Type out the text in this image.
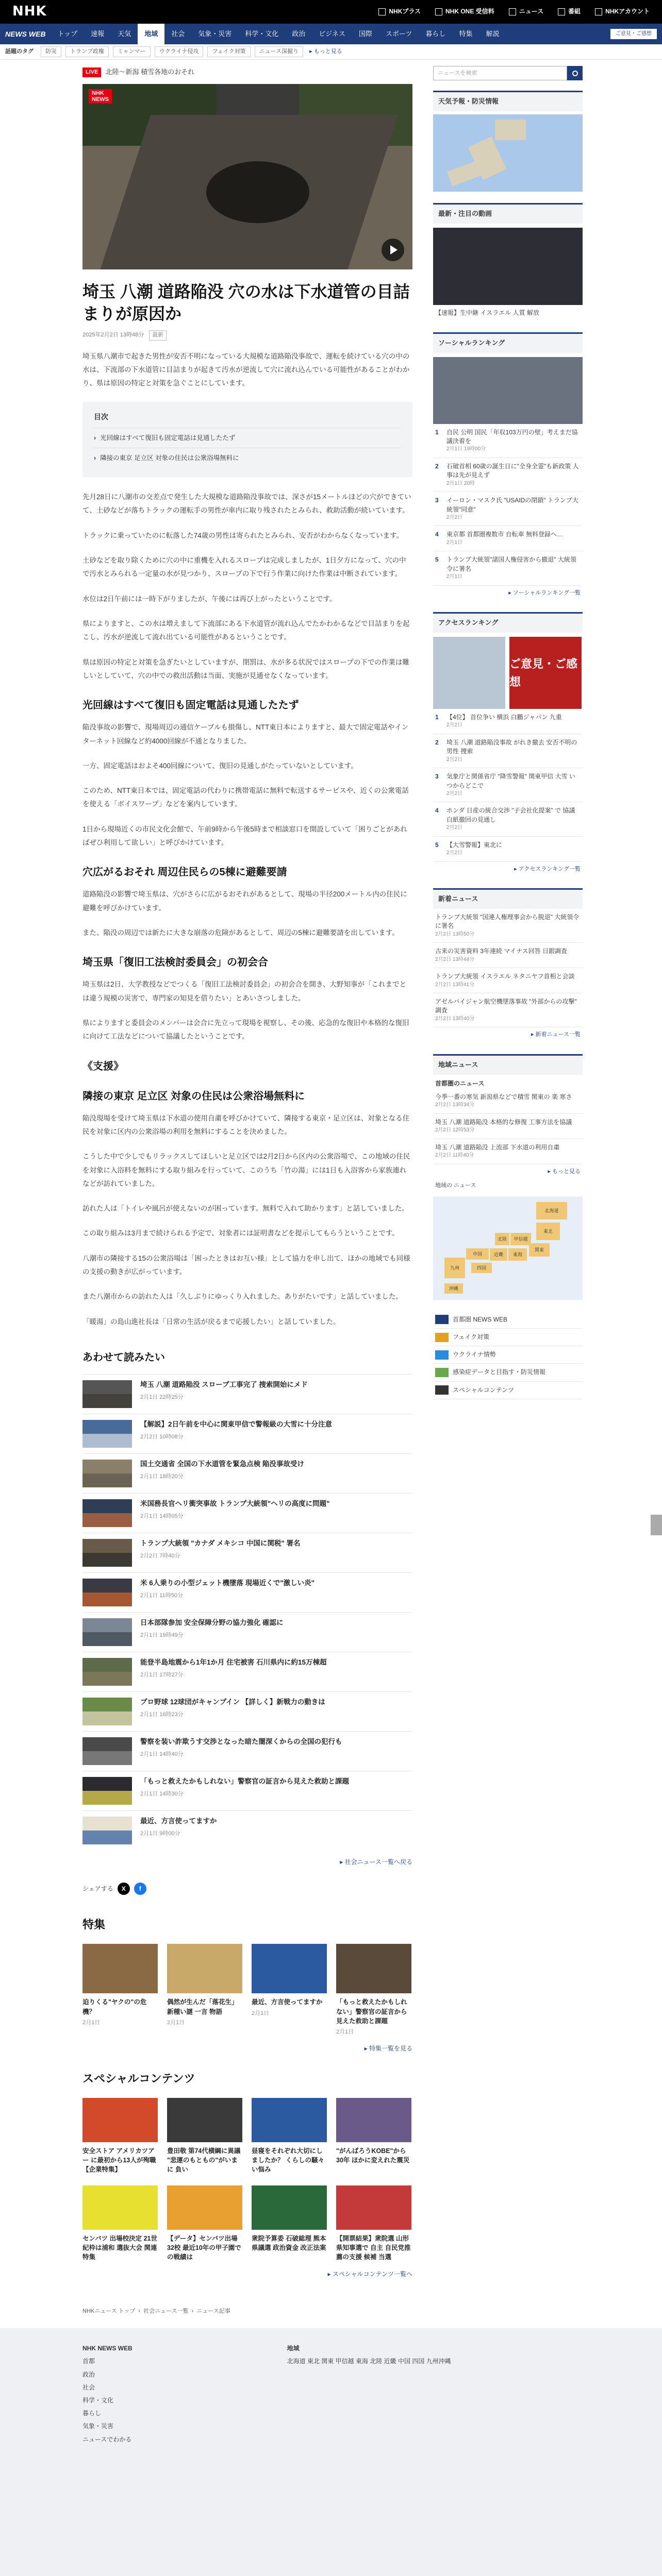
NHK	NHKプラス	NHK ONE 受信料	ニュース	番組	NHKアカウント
NEWS WEB	トップ	速報	天気	地域	社会	気象・災害	科学・文化	政治	ビジネス	国際	スポーツ	暮らし	特集	解説	ご意見・ご感想
話題のタグ	防災	トランプ政権	ミャンマー	ウクライナ侵攻	フェイク対策	ニュース深掘り	▸ もっと見る
LIVE	北陸〜新潟 積雪各地のおそれ
NHK
NEWS
埼玉 八潮 道路陥没 穴の水は下水道管の目詰まりが原因か
2025年2月2日 13時48分	最新

埼玉県八潮市で起きた男性が安否不明になっている大規模な道路陥没事故で、運転を続けている穴の中の水は、下流部の下水道管に目詰まりが起きて汚水が逆流して穴に流れ込んでいる可能性があることがわかり、県は原因の特定と対策を急ぐことにしています。

目次
› 光回線はすべて復旧も固定電話は見通したたず
› 隣接の東京 足立区 対象の住民は公衆浴場無料に

先月28日に八潮市の交差点で発生した大規模な道路陥没事故では、深さが15メートルほどの穴ができていて、土砂などが落ちトラックの運転手の男性が車内に取り残されたとみられ、救助活動が続いています。

トラックに乗っていたのに転落した74歳の男性は寄られたとみられ、安否がわからなくなっています。

土砂などを取り除くために穴の中に重機を入れるスロープは完成しましたが、1日夕方になって、穴の中で汚水とみられる一定量の水が見つかり、スロープの下で行う作業に向けた作業は中断されています。

水位は2日午前には一時下がりましたが、午後には再び上がったということです。

県によりますと、この水は増えまして下流部にある下水道管が流れ込んでたかわかるなどで目詰まりを起こし、汚水が逆流して流れ出ている可能性があるということです。

県は原因の特定と対策を急ぎたいとしていますが、閉罰は、水が多る状況ではスロープの下での作業は難しいとしていて、穴の中での救出活動は当面、実施が見通せなくなっています。

光回線はすべて復旧も固定電話は見通したたず

陥没事故の影響で、現場周辺の通信ケーブルも損傷し、NTT東日本によりますと、最大で固定電話やインターネット回線など約4000回線が不通となりました。

一方、固定電話はおよそ400回線について、復旧の見通しがたっていないとしています。

このため、NTT東日本では、固定電話の代わりに携帯電話に無料で転送するサービスや、近くの公衆電話を使える「ボイスワープ」などを案内しています。

1日から現場近くの市民文化会館で、午前9時から午後5時まで相談窓口を開設していて「困りごとがあればぜひ利用して欲しい」と呼びかけています。

穴広がるおそれ 周辺住民らの5棟に避難要請

道路陥没の影響で埼玉県は、穴がさらに広がるおそれがあるとして、現場の半径200メートル内の住民に避難を呼びかけています。

また、陥没の周辺では新たに大きな崩落の危険があるとして、周辺の5棟に避難要請を出しています。

埼玉県「復旧工法検討委員会」の初会合

埼玉県は2日、大学教授などでつくる「復旧工法検討委員会」の初会合を開き、大野知事が「これまでとは違う規模の災害で、専門家の知見を借りたい」とあいさつしました。

県によりますと委員会のメンバーは会合に先立って現場を視察し、その後、応急的な復旧や本格的な復旧に向けて工法などについて協議したということです。

《支援》
隣接の東京 足立区 対象の住民は公衆浴場無料に

陥没現場を受けて埼玉県は下水道の使用自粛を呼びかけていて、隣接する東京・足立区は、対象となる住民を対象に区内の公衆浴場の利用を無料にすることを決めました。

こうした中で少しでもリラックスしてほしいと足立区では2月2日から区内の公衆浴場で、この地域の住民を対象に入浴料を無料にする取り組みを行っていて、このうち「竹の湯」には1日も入浴客から家族連れなどが訪れていました。

訪れた人は「トイレや風呂が使えないのが困っています。無料で入れて助かります」と話していました。

この取り組みは3月まで続けられる予定で、対象者には証明書などを提示してもらうということです。

八潮市の隣接する15の公衆浴場は「困ったときはお互い様」として協力を申し出て、ほかの地域でも同様の支援の動きが広がっています。

また八潮市からの訪れた人は「久しぶりにゆっくり入れました。ありがたいです」と話していました。

「暖湯」の島山進社長は「日常の生活が戻るまで応援したい」と話していました。

あわせて読みたい
埼玉 八潮 道路陥没 スロープ工事完了 捜索開始にメド
2月1日 22時25分
【解説】2日午前を中心に関東甲信で警報級の大雪に十分注意
2月2日 10時08分
国土交通省 全国の下水道管を緊急点検 陥没事故受け
2月1日 18時20分
米国務長官ヘリ衝突事故 トランプ大統領"ヘリの高度に問題"
2月1日 14時05分
トランプ大統領 "カナダ メキシコ 中国に関税" 署名
2月2日 7時40分
米 6人乗りの小型ジェット機墜落 現場近くで"激しい炎"
2月1日 11時50分
日本部隊参加 安全保障分野の協力強化 確認に
2月1日 19時49分
能登半島地震から1年1か月 住宅被害 石川県内に約15万棟超
2月1日 17時27分
プロ野球 12球団がキャンプイン 【詳しく】新戦力の動きは
2月1日 16時23分
警察を装い詐欺うす交渉となった暗た闇深くからの全国の犯行も
2月1日 14時40分
「もっと救えたかもしれない」警察官の証言から見えた救助と課題
2月1日 14時30分
最近、方言使ってますか
2月1日 9時00分
▸ 社会ニュース一覧へ戻る
シェアする	X	f
特集
迫りくる"ヤクの"の危機？
2月1日
偶然が生んだ「落花生」新種い謎 一言 物語
2月1日
最近、方言使ってますか
2月1日
「もっと救えたかもしれない」警察官の証言から見えた救助と課題
2月1日
▸ 特集一覧を見る
スペシャルコンテンツ
安全ストア アメリカツアー に最初から13人が殉職 【企業特集】
豊田敬 第74代横綱に異議 "悲運のもともの"がいまに 負い
昼寝をそれぞれ大切にしましたか？ くらしの騒々い悩み
"がんばろうKOBE"から30年 ほかに変えれた震災
センバツ 出場校決定 21世紀枠は浦和 選抜大会 関連特集
【データ】センバツ出場32校 最近10年の甲子園での戦績は
衆院予算委 石破総理 熊本県議選 政治資金 改正法案
【開票結果】衆院選 山形県知事選で 自主 自民党推薦の支援 候補 当選
▸ スペシャルコンテンツ一覧へ
NHKニュース トップ › 社会ニュース一覧 › ニュース記事
ニュースを検索
天気予報・防災情報
最新・注目の動画
【速報】生中継 イスラエル 人質 解放
ソーシャルランキング
1	自民 公明 国民「年収103万円の壁」考えまだ協議決着を
2月1日 19時00分
2	石破首相 60歳の誕生日に"全身全霊"も新政策 人事は先が見えず
2月1日 20時
3	イーロン・マスク氏 "USAIDの閉鎖" トランプ大統領"同意"
2月2日
4	東京都 首都圏複数市 自転車 無料登録へ…
2月1日
5	トランプ大統領"諸国人権侵害から撤退" 大統領令に署名
2月1日
▸ ソーシャルランキング一覧
アクセスランキング
ご意見・ご感想
1	【4位】 首位争い 横浜 白鵬ジャパン 九重
2月2日
2	埼玉 八潮 道路陥没事故 がれき撤去 安否不明の男性 捜索
2月2日
3	気象庁と関係省庁 "降雪警報" 関東甲信 大雪 いつからどこで
2月2日
4	ホンダ 日産の統合交渉 "子会社化提案" で 協議 白紙撤回の見通し
2月2日
5	【大雪警報】東北に
2月2日
▸ アクセスランキング一覧
新着ニュース
トランプ大統領 "国連人権理事会から脱退" 大統領令に署名
2月2日 13時50分
古来の災害資料 3年連続 マイナス回答 日銀調査
2月2日 13時44分
トランプ大統領 イスラエル ネタニヤフ首相と会談
2月2日 13時41分
アゼルバイジャン航空機墜落事故 "外部からの攻撃" 調査
2月2日 13時40分
▸ 新着ニュース一覧
地域ニュース
首都圏のニュース
今季一番の寒気 新潟県などで積雪 関東の 楽 寒さ
2月2日 13時34分
埼玉 八潮 道路陥没 本格的な修復 工事方法を協議
2月2日 12時53分
埼玉 八潮 道路陥没 上流部 下水道の利用自粛
2月2日 11時40分
▸ もっと見る
地域の ニュース
北海道
東北
関東
甲信越
東海
北陸
近畿
中国
四国
九州
沖縄
首都圏 NEWS WEB
フェイク対策
ウクライナ情勢
感染症データと目指す・防災情報
スペシャルコンテンツ
NHK NEWS WEB
首都
政治
社会
科学・文化
暮らし
気象・災害
ニュースでわかる
地域
北海道 東北 関東 甲信越 東海 北陸 近畿 中国 四国 九州沖縄
